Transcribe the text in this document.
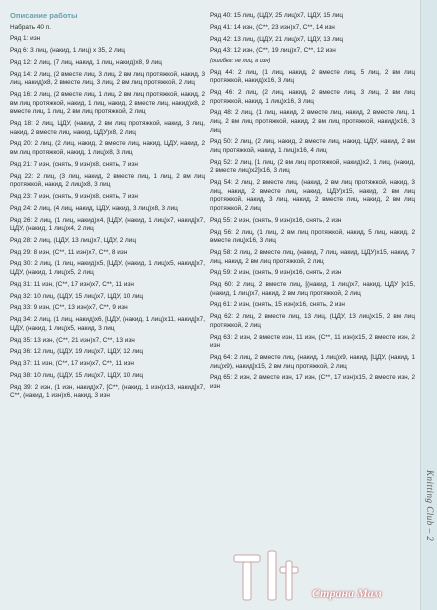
Описание работы
Набрать 40 п.
Ряд 1: изн
Ряд 6: 3 лиц, (накид, 1 лиц) x 35, 2 лиц
Ряд 12: 2 лиц, (7 лиц, накид, 1 лиц, накид)x8, 9 лиц
Ряд 14: 2 лиц, (2 вместе лиц, 3 лиц, 2 вм лиц протяжкой, накид, 3 лиц, накид)x8, 2 вместе лиц, 3 лиц, 2 вм лиц протяжкой, 2 лиц
Ряд 16: 2 лиц, (2 вместе лиц, 1 лиц, 2 вм лиц протяжкой, накид, 2 вм лиц протяжкой, накид, 1 лиц, накид, 2 вместе лиц, накид)x8, 2 вместе лиц, 1 лиц, 2 вм лиц протяжкой, 2 лиц
Ряд 18: 2 лиц, ЦДУ, (накид, 2 вм лиц протяжкой, накид, 3 лиц, накид, 2 вместе лиц, накид, ЦДУ)x8, 2 лиц
Ряд 20: 2 лиц, (2 лиц, накид, 2 вместе лиц, накид, ЦДУ, накид, 2 вм лиц протяжкой, накид, 1 лиц)x8, 3 лиц
Ряд 21: 7 изн, (снять, 9 изн)x8, снять, 7 изн
Ряд 22: 2 лиц, (3 лиц, накид, 2 вместе лиц, 1 лиц, 2 вм лиц протяжкой, накид, 2 лиц)x8, 3 лиц
Ряд 23: 7 изн, (снять, 9 изн)x8, снять, 7 изн
Ряд 24: 2 лиц, (4 лиц, накид, ЦДУ, накид, 3 лиц)x8, 3 лиц
Ряд 26: 2 лиц, (1 лиц, накид)x4, [ЦДУ, (накид, 1 лиц)x7, накид]x7, ЦДУ, (накид, 1 лиц)x4, 2 лиц
Ряд 28: 2 лиц, (ЦДУ, 13 лиц)x7, ЦДУ, 2 лиц
Ряд 29: 8 изн, (С**, 11 изн)x7, С**, 8 изн
Ряд 30: 2 лиц, (1 лиц, накид)x5, [ЦДУ, (накид, 1 лиц)x5, накид]x7, ЦДУ, (накид, 1 лиц)x5, 2 лиц
Ряд 31: 11 изн, (С**, 17 изн)x7, С**, 11 изн
Ряд 32: 10 лиц, (ЦДУ, 15 лиц)x7, ЦДУ, 10 лиц
Ряд 33: 9 изн, (С**, 13 изн)x7, С**, 9 изн
Ряд 34: 2 лиц, (1 лиц, накид)x6, [ЦДУ, (накид, 1 лиц)x11, накид]x7, ЦДУ, (накид, 1 лиц)x5, накид, 3 лиц
Ряд 35: 13 изн, (С**, 21 изн)x7, С**, 13 изн
Ряд 36: 12 лиц, (ЦДУ, 19 лиц)x7, ЦДУ, 12 лиц
Ряд 37: 11 изн, (С**, 17 изн)x7, С**, 11 изн
Ряд 38: 10 лиц, (ЦДУ, 15 лиц)x7, ЦДУ, 10 лиц
Ряд 39: 2 изн, (1 изн, накид)x7, [С**, (накид, 1 изн)x13, накид]x7, С**, (накид, 1 изн)x6, накид, 3 изн
Ряд 40: 15 лиц, (ЦДУ, 25 лиц)x7, ЦДУ, 15 лиц
Ряд 41: 14 изн, (С**, 23 изн)x7, С**, 14 изн
Ряд 42: 13 лиц, (ЦДУ, 21 лиц)x7, ЦДУ, 13 лиц
Ряд 43: 12 изн, (С**, 19 лиц)x7, С**, 12 изн
(ошибка: не лиц, а изн)
Ряд 44: 2 лиц, (1 лиц, накид, 2 вместе лиц, 5 лиц, 2 вм лиц протяжкой, накид)x16, 3 лиц
Ряд 46: 2 лиц, (2 лиц, накид, 2 вместе лиц, 3 лиц, 2 вм лиц протяжкой, накид, 1 лиц)x16, 3 лиц
Ряд 48: 2 лиц, (1 лиц, накид, 2 вместе лиц, накид, 2 вместе лиц, 1 лиц, 2 вм лиц протяжкой, накид, 2 вм лиц протяжкой, накид)x16, 3 лиц
Ряд 50: 2 лиц, (2 лиц, накид, 2 вместе лиц, накид, ЦДУ, накид, 2 вм лиц протяжкой, накид, 1 лиц)x16, 4 лиц
Ряд 52: 2 лиц, [1 лиц, (2 вм лиц протяжкой, накид)x2, 1 лиц, (накид, 2 вместе лиц)x2]x16, 3 лиц
Ряд 54: 2 лиц, 2 вместе лиц, (накид, 2 вм лиц протяжкой, накид, 3 лиц, накид, 2 вместе лиц, накид, ЦДУ)x15, накид, 2 вм лиц протяжкой, накид, 3 лиц, накид, 2 вместе лиц, накид, 2 вм лиц протяжкой, 2 лиц
Ряд 55: 2 изн, (снять, 9 изн)x16, снять, 2 изн
Ряд 56: 2 лиц, (1 лиц, 2 вм лиц протяжкой, накид, 5 лиц, накид, 2 вместе лиц)x16, 3 лиц
Ряд 58: 2 лиц, 2 вместе лиц, (накид, 7 лиц, накид, ЦДУ)x15, накид, 7 лиц, накид, 2 вм лиц протяжкой, 2 лиц
Ряд 59: 2 изн, (снять, 9 изн)x16, снять, 2 изн
Ряд 60: 2 лиц, 2 вместе лиц, [(накид, 1 лиц)x7, накид, ЦДУ ]x15, (накид, 1 лиц)x7, накид, 2 вм лиц протяжкой, 2 лиц
Ряд 61: 2 изн, (снять, 15 изн)x16, снять, 2 изн
Ряд 62: 2 лиц, 2 вместе лиц, 13 лиц, (ЦДУ, 13 лиц)x15, 2 вм лиц протяжкой, 2 лиц
Ряд 63: 2 изн, 2 вместе изн, 11 изн, (С**, 11 изн)x15, 2 вместе изн, 2 изн
Ряд 64: 2 лиц, 2 вместе лиц, (накид, 1 лиц)x9, накид, [ЦДУ, (накид, 1 лиц)x9), накид]x15, 2 вм лиц протяжкой, 2 лиц
Ряд 65: 2 изн, 2 вместе изн, 17 изн, (С**, 17 изн)x15, 2 вместе изн, 2 изн
Knitting Club – 2
Страна Мам
